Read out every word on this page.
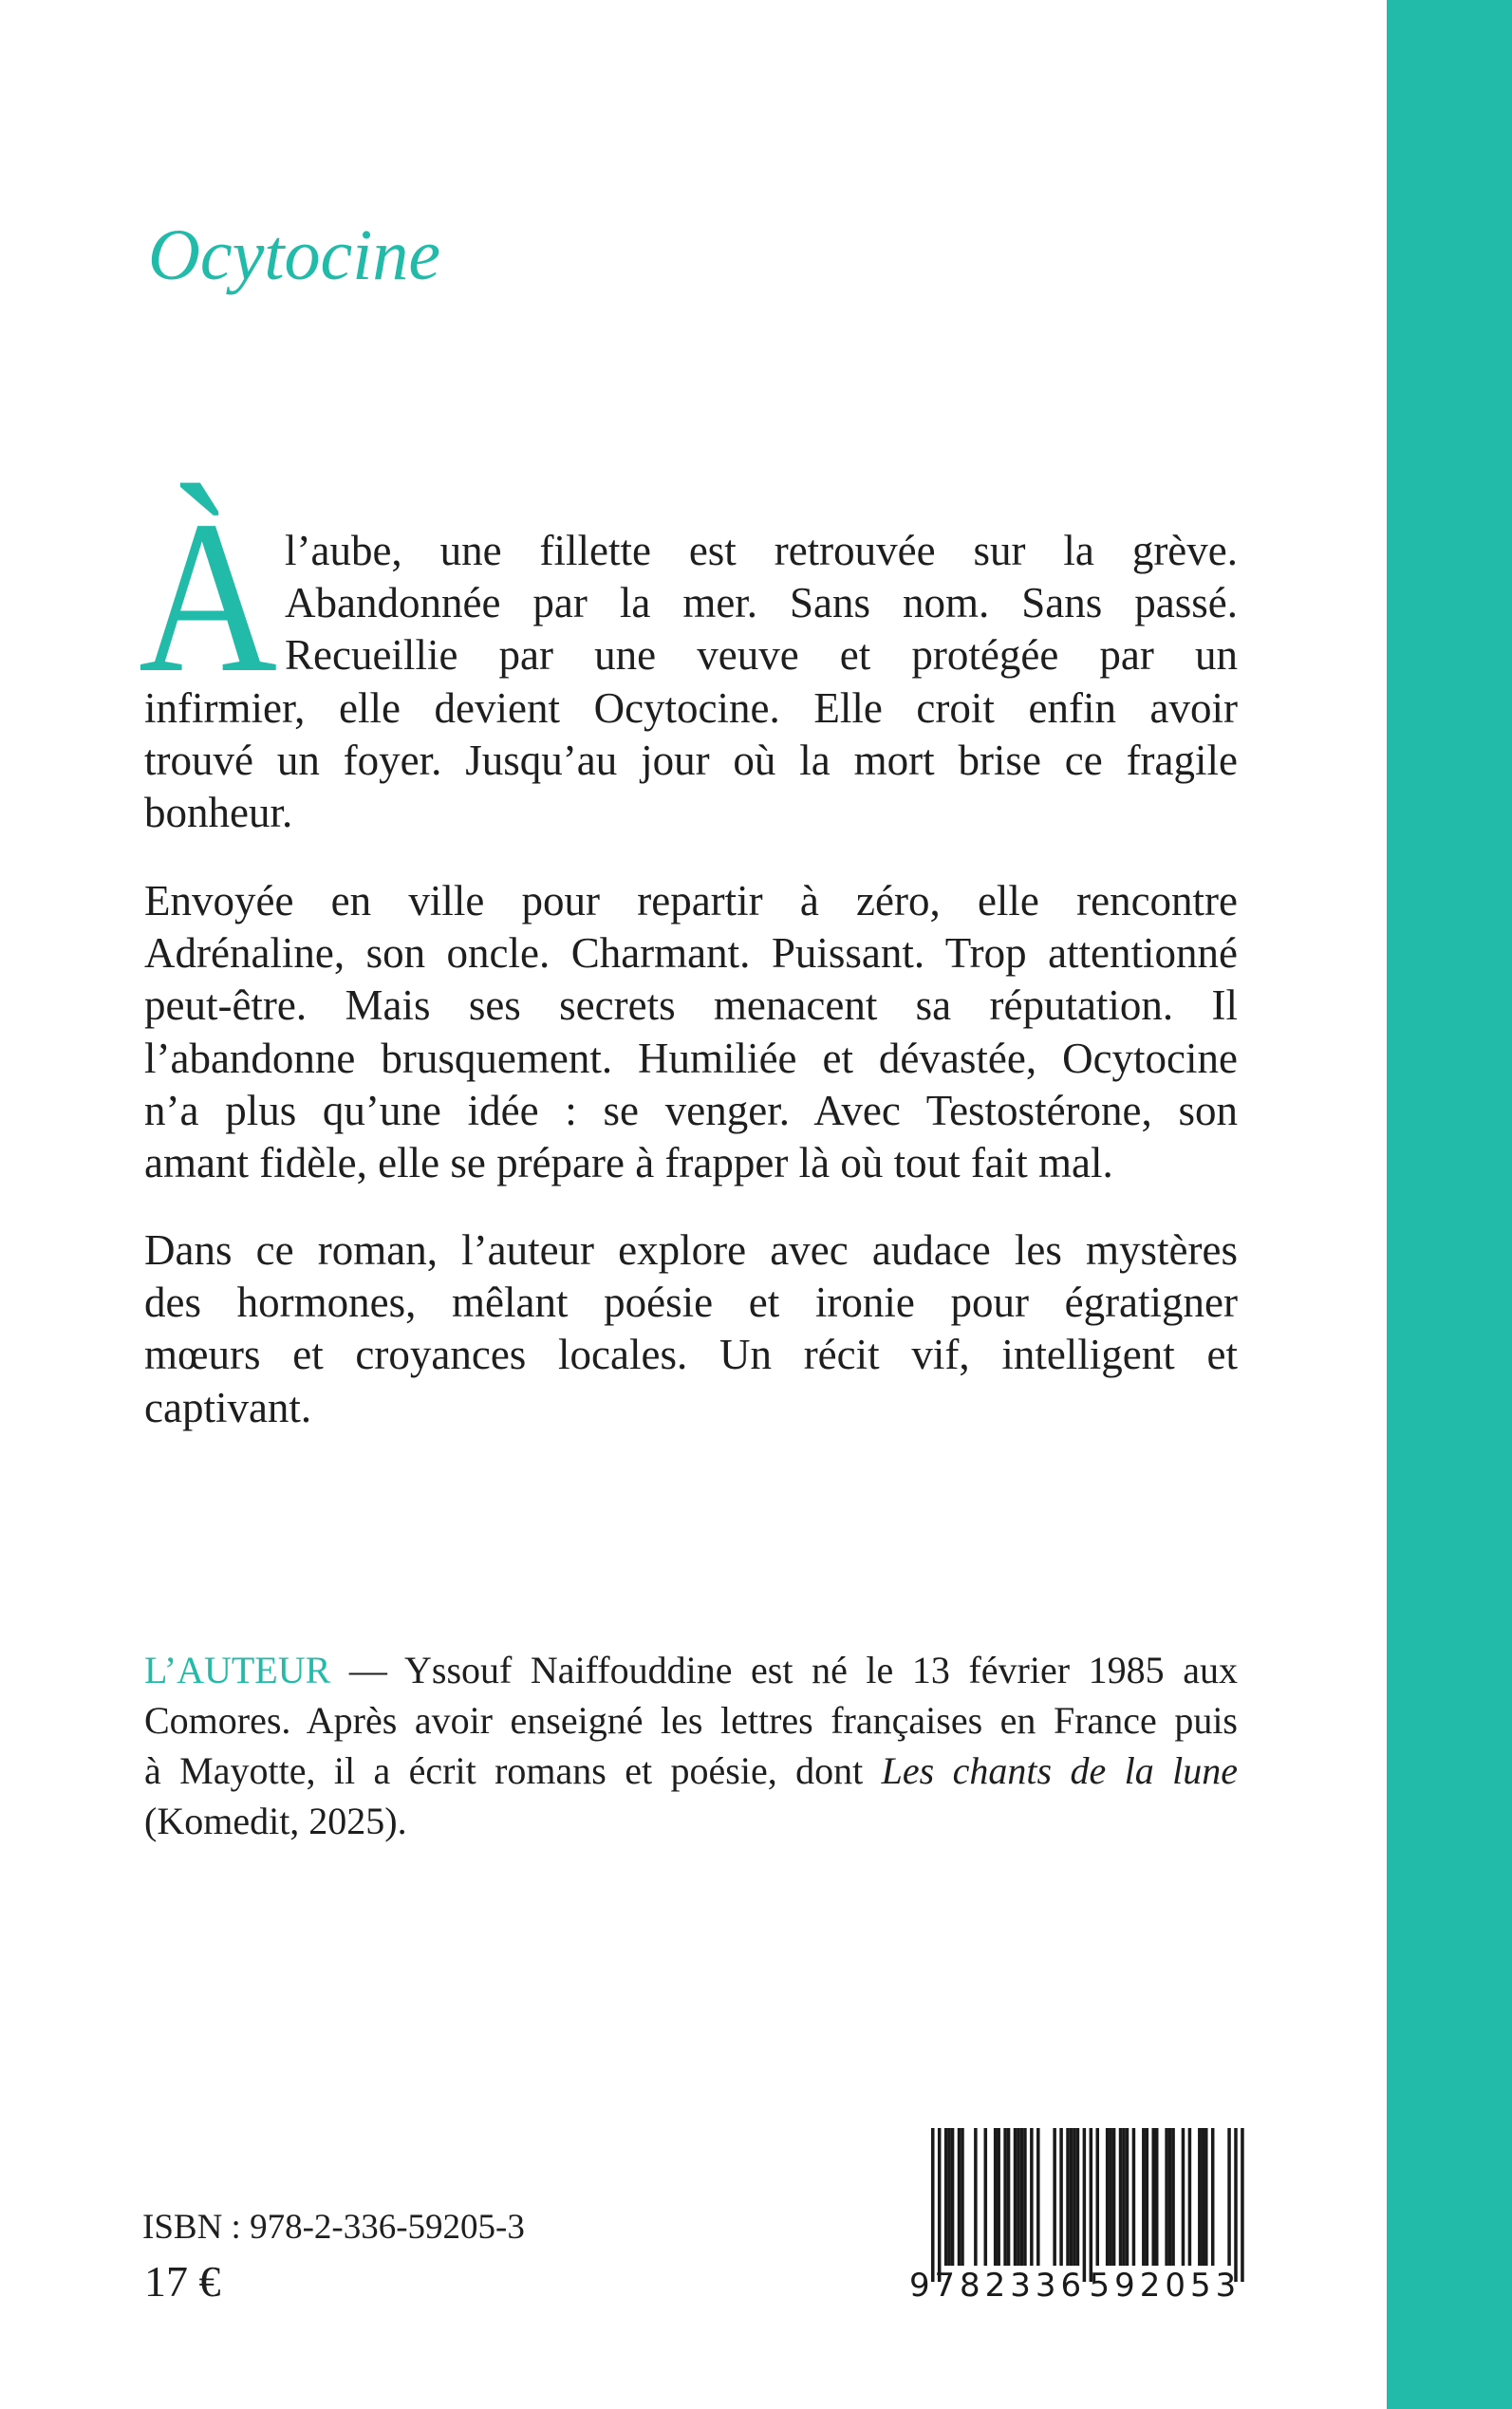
Ocytocine
À l’aube, une fillette est retrouvée sur la grève.
Abandonnée par la mer. Sans nom. Sans passé.
Recueillie par une veuve et protégée par un
infirmier, elle devient Ocytocine. Elle croit enfin avoir
trouvé un foyer. Jusqu’au jour où la mort brise ce fragile
bonheur.
Envoyée en ville pour repartir à zéro, elle rencontre
Adrénaline, son oncle. Charmant. Puissant. Trop attentionné
peut-être. Mais ses secrets menacent sa réputation. Il
l’abandonne brusquement. Humiliée et dévastée, Ocytocine
n’a plus qu’une idée : se venger. Avec Testostérone, son
amant fidèle, elle se prépare à frapper là où tout fait mal.
Dans ce roman, l’auteur explore avec audace les mystères
des hormones, mêlant poésie et ironie pour égratigner
mœurs et croyances locales. Un récit vif, intelligent et
captivant.
L’AUTEUR — Yssouf Naiffouddine est né le 13 février 1985 aux
Comores. Après avoir enseigné les lettres françaises en France puis
à Mayotte, il a écrit romans et poésie, dont Les chants de la lune
(Komedit, 2025).
ISBN : 978-2-336-59205-3
17 €	9 782336 592053
